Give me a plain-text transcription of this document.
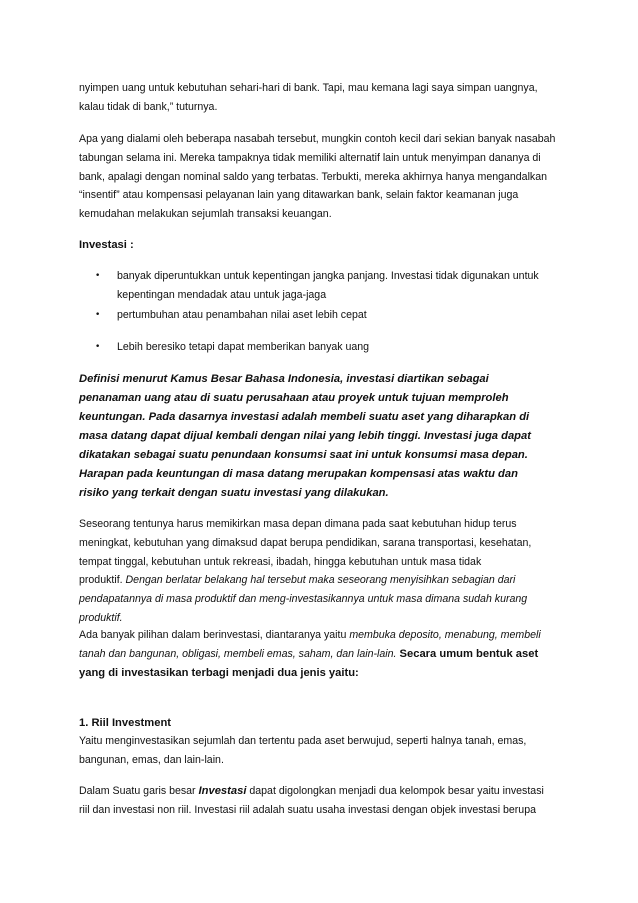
nyimpen uang untuk kebutuhan sehari-hari di bank. Tapi, mau kemana lagi saya simpan uangnya,
kalau tidak di bank,” tuturnya.
Apa yang dialami oleh beberapa nasabah tersebut, mungkin contoh kecil dari sekian banyak nasabah
tabungan selama ini. Mereka tampaknya tidak memiliki alternatif lain untuk menyimpan dananya di
bank, apalagi dengan nominal saldo yang terbatas. Terbukti, mereka akhirnya hanya mengandalkan
“insentif” atau kompensasi pelayanan lain yang ditawarkan bank, selain faktor keamanan juga
kemudahan melakukan sejumlah transaksi keuangan.
Investasi :
• banyak diperuntukkan untuk kepentingan jangka panjang. Investasi tidak digunakan untuk
kepentingan mendadak atau untuk jaga-jaga
• pertumbuhan atau penambahan nilai aset lebih cepat
• Lebih beresiko tetapi dapat memberikan banyak uang
Definisi menurut Kamus Besar Bahasa Indonesia, investasi diartikan sebagai
penanaman uang atau di suatu perusahaan atau proyek untuk tujuan memproleh
keuntungan. Pada dasarnya investasi adalah membeli suatu aset yang diharapkan di
masa datang dapat dijual kembali dengan nilai yang lebih tinggi. Investasi juga dapat
dikatakan sebagai suatu penundaan konsumsi saat ini untuk konsumsi masa depan.
Harapan pada keuntungan di masa datang merupakan kompensasi atas waktu dan
risiko yang terkait dengan suatu investasi yang dilakukan.
Seseorang tentunya harus memikirkan masa depan dimana pada saat kebutuhan hidup terus
meningkat, kebutuhan yang dimaksud dapat berupa pendidikan, sarana transportasi, kesehatan,
tempat tinggal, kebutuhan untuk rekreasi, ibadah, hingga kebutuhan untuk masa tidak
produktif. Dengan berlatar belakang hal tersebut maka seseorang menyisihkan sebagian dari
pendapatannya di masa produktif dan meng-investasikannya untuk masa dimana sudah kurang
produktif.
Ada banyak pilihan dalam berinvestasi, diantaranya yaitu membuka deposito, menabung, membeli
tanah dan bangunan, obligasi, membeli emas, saham, dan lain-lain. Secara umum bentuk aset
yang di investasikan terbagi menjadi dua jenis yaitu:
1. Riil Investment
Yaitu menginvestasikan sejumlah dan tertentu pada aset berwujud, seperti halnya tanah, emas,
bangunan, emas, dan lain-lain.
Dalam Suatu garis besar Investasi dapat digolongkan menjadi dua kelompok besar yaitu investasi
riil dan investasi non riil. Investasi riil adalah suatu usaha investasi dengan objek investasi berupa
